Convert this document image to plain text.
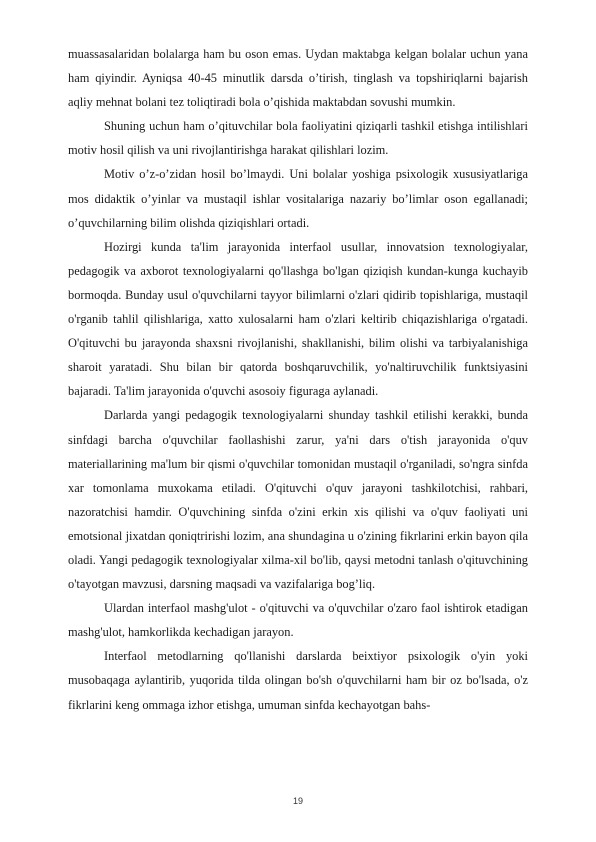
muassasalaridan bolalarga ham bu oson emas. Uydan maktabga kelgan bolalar uchun yana ham qiyindir. Ayniqsa 40-45 minutlik darsda o’tirish, tinglash va topshiriqlarni bajarish aqliy mehnat bolani tez toliqtiradi bola o’qishida maktabdan sovushi mumkin.

Shuning uchun ham o’qituvchilar bola faoliyatini qiziqarli tashkil etishga intilishlari motiv hosil qilish va uni rivojlantirishga harakat qilishlari lozim.

Motiv o’z-o’zidan hosil bo’lmaydi. Uni bolalar yoshiga psixologik xususiyatlariga mos didaktik o’yinlar va mustaqil ishlar vositalariga nazariy bo’limlar oson egallanadi; o’quvchilarning bilim olishda qiziqishlari ortadi.

Hozirgi kunda ta'lim jarayonida interfaol usullar, innovatsion texnologiyalar, pedagogik va axborot texnologiyalarni qo'llashga bo'lgan qiziqish kundan-kunga kuchayib bormoqda. Bunday usul o'quvchilarni tayyor bilimlarni o'zlari qidirib topishlariga, mustaqil o'rganib tahlil qilishlariga, xatto xulosalarni ham o'zlari keltirib chiqazishlariga o'rgatadi. O'qituvchi bu jarayonda shaxsni rivojlanishi, shakllanishi, bilim olishi va tarbiyalanishiga sharoit yaratadi. Shu bilan bir qatorda boshqaruvchilik, yo'naltiruvchilik funktsiyasini bajaradi. Ta'lim jarayonida o'quvchi asosoiy figuraga aylanadi.

Darlarda yangi pedagogik texnologiyalarni shunday tashkil etilishi kerakki, bunda sinfdagi barcha o'quvchilar faollashishi zarur, ya'ni dars o'tish jarayonida o'quv materiallarining ma'lum bir qismi o'quvchilar tomonidan mustaqil o'rganiladi, so'ngra sinfda xar tomonlama muxokama etiladi. O'qituvchi o'quv jarayoni tashkilotchisi, rahbari, nazoratchisi hamdir. O'quvchining sinfda o'zini erkin xis qilishi va o'quv faoliyati uni emotsional jixatdan qoniqtririshi lozim, ana shundagina u o'zining fikrlarini erkin bayon qila oladi. Yangi pedagogik texnologiyalar xilma-xil bo'lib, qaysi metodni tanlash o'qituvchining o'tayotgan mavzusi, darsning maqsadi va vazifalariga bog’liq.

Ulardan interfaol mashg'ulot - o'qituvchi va o'quvchilar o'zaro faol ishtirok etadigan mashg'ulot, hamkorlikda kechadigan jarayon.

Interfaol metodlarning qo'llanishi darslarda beixtiyor psixologik o'yin yoki musobaqaga aylantirib, yuqorida tilda olingan bo'sh o'quvchilarni ham bir oz bo'lsada, o'z fikrlarini keng ommaga izhor etishga, umuman sinfda kechayotgan bahs-

19
